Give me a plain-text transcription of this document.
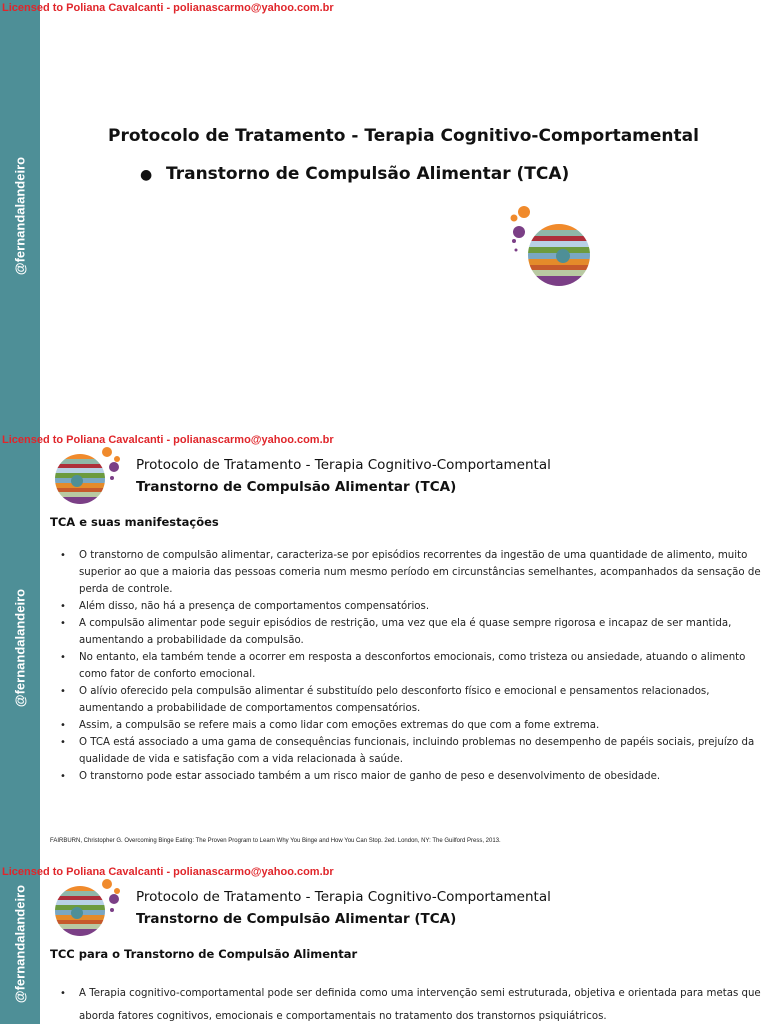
@fernandalandeiro
Licensed to Poliana Cavalcanti - polianascarmo@yahoo.com.br
Protocolo de Tratamento - Terapia Cognitivo-Comportamental
● Transtorno de Compulsão Alimentar (TCA)
@fernandalandeiro
Licensed to Poliana Cavalcanti - polianascarmo@yahoo.com.br
Protocolo de Tratamento - Terapia Cognitivo-Comportamental
Transtorno de Compulsão Alimentar (TCA)
TCA e suas manifestações
• O transtorno de compulsão alimentar, caracteriza-se por episódios recorrentes da ingestão de uma quantidade de alimento, muito superior ao que a maioria das pessoas comeria num mesmo período em circunstâncias semelhantes, acompanhados da sensação de perda de controle.
• Além disso, não há a presença de comportamentos compensatórios.
• A compulsão alimentar pode seguir episódios de restrição, uma vez que ela é quase sempre rigorosa e incapaz de ser mantida, aumentando a probabilidade da compulsão.
• No entanto, ela também tende a ocorrer em resposta a desconfortos emocionais, como tristeza ou ansiedade, atuando o alimento como fator de conforto emocional.
• O alívio oferecido pela compulsão alimentar é substituído pelo desconforto físico e emocional e pensamentos relacionados, aumentando a probabilidade de comportamentos compensatórios.
• Assim, a compulsão se refere mais a como lidar com emoções extremas do que com a fome extrema.
• O TCA está associado a uma gama de consequências funcionais, incluindo problemas no desempenho de papéis sociais, prejuízo da qualidade de vida e satisfação com a vida relacionada à saúde.
• O transtorno pode estar associado também a um risco maior de ganho de peso e desenvolvimento de obesidade.
FAIRBURN, Christopher G. Overcoming Binge Eating: The Proven Program to Learn Why You Binge and How You Can Stop. 2ed. London, NY: The Guilford Press, 2013.
@fernandalandeiro
Licensed to Poliana Cavalcanti - polianascarmo@yahoo.com.br
Protocolo de Tratamento - Terapia Cognitivo-Comportamental
Transtorno de Compulsão Alimentar (TCA)
TCC para o Transtorno de Compulsão Alimentar
• A Terapia cognitivo-comportamental pode ser definida como uma intervenção semi estruturada, objetiva e orientada para metas que aborda fatores cognitivos, emocionais e comportamentais no tratamento dos transtornos psiquiátricos.
